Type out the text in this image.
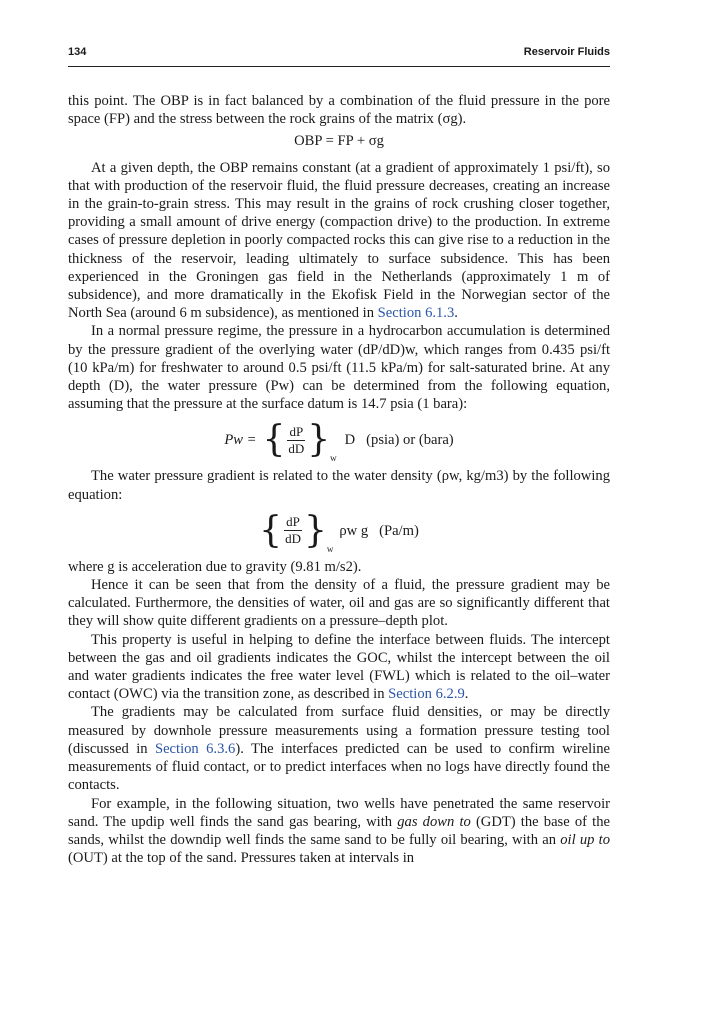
134	Reservoir Fluids

this point. The OBP is in fact balanced by a combination of the fluid pressure in the pore space (FP) and the stress between the rock grains of the matrix (σg).

OBP = FP + σg

At a given depth, the OBP remains constant (at a gradient of approximately 1 psi/ft), so that with production of the reservoir fluid, the fluid pressure decreases, creating an increase in the grain-to-grain stress. This may result in the grains of rock crushing closer together, providing a small amount of drive energy (compaction drive) to the production. In extreme cases of pressure depletion in poorly compacted rocks this can give rise to a reduction in the thickness of the reservoir, leading ultimately to surface subsidence. This has been experienced in the Groningen gas field in the Netherlands (approximately 1 m of subsidence), and more dramatically in the Ekofisk Field in the Norwegian sector of the North Sea (around 6 m subsidence), as mentioned in Section 6.1.3.

In a normal pressure regime, the pressure in a hydrocarbon accumulation is determined by the pressure gradient of the overlying water (dP/dD)w, which ranges from 0.435 psi/ft (10 kPa/m) for freshwater to around 0.5 psi/ft (11.5 kPa/m) for salt-saturated brine. At any depth (D), the water pressure (Pw) can be determined from the following equation, assuming that the pressure at the surface datum is 14.7 psia (1 bara):

Pw = { $\frac{dP}{dD}$ } w
D   (psia) or (bara)

The water pressure gradient is related to the water density (ρw, kg/m3) by the following equation:

{ $\frac{dP}{dD}$ } w
ρw g   (Pa/m)

where g is acceleration due to gravity (9.81 m/s2).

Hence it can be seen that from the density of a fluid, the pressure gradient may be calculated. Furthermore, the densities of water, oil and gas are so significantly different that they will show quite different gradients on a pressure–depth plot.

This property is useful in helping to define the interface between fluids. The intercept between the gas and oil gradients indicates the GOC, whilst the intercept between the oil and water gradients indicates the free water level (FWL) which is related to the oil–water contact (OWC) via the transition zone, as described in Section 6.2.9.

The gradients may be calculated from surface fluid densities, or may be directly measured by downhole pressure measurements using a formation pressure testing tool (discussed in Section 6.3.6). The interfaces predicted can be used to confirm wireline measurements of fluid contact, or to predict interfaces when no logs have directly found the contacts.

For example, in the following situation, two wells have penetrated the same reservoir sand. The updip well finds the sand gas bearing, with gas down to (GDT) the base of the sands, whilst the downdip well finds the same sand to be fully oil bearing, with an oil up to (OUT) at the top of the sand. Pressures taken at intervals in
